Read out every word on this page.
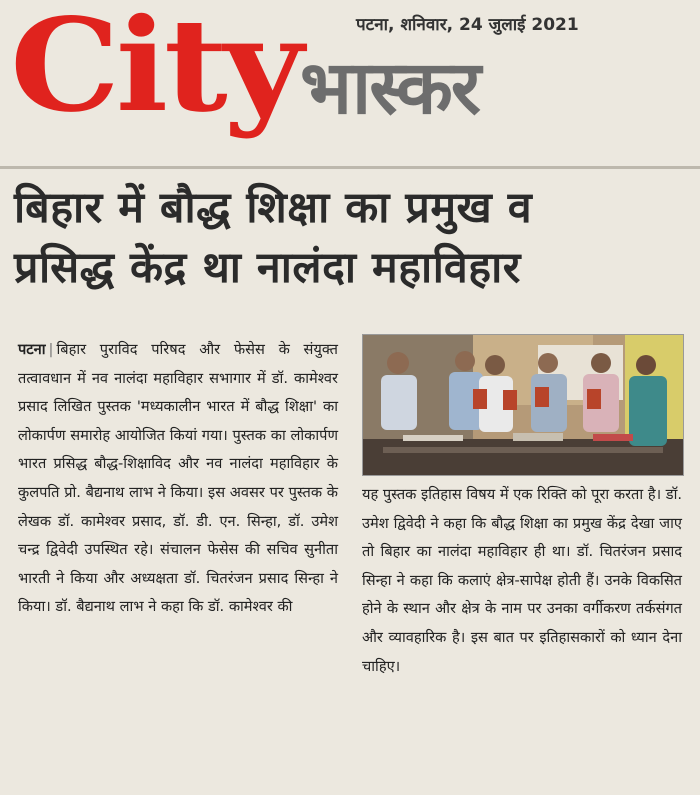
City	पटना, शनिवार, 24 जुलाई 2021
भास्कर
बिहार में बौद्ध शिक्षा का प्रमुख व
प्रसिद्ध केंद्र था नालंदा महाविहार
पटना | बिहार पुराविद परिषद और फेसेस के संयुक्त तत्वावधान में नव नालंदा महाविहार सभागार में डॉ. कामेश्वर प्रसाद लिखित पुस्तक 'मध्यकालीन भारत में बौद्ध शिक्षा' का लोकार्पण समारोह आयोजित कियां गया। पुस्तक का लोकार्पण भारत प्रसिद्ध बौद्ध-शिक्षाविद और नव नालंदा महाविहार के कुलपति प्रो. बैद्यनाथ लाभ ने किया। इस अवसर पर पुस्तक के लेखक डॉ. कामेश्वर प्रसाद, डॉ. डी. एन. सिन्हा, डॉ. उमेश चन्द्र द्विवेदी उपस्थित रहे। संचालन फेसेस की सचिव सुनीता भारती ने किया और अध्यक्षता डॉ. चितरंजन प्रसाद सिन्हा ने किया। डॉ. बैद्यनाथ लाभ ने कहा कि डॉ. कामेश्वर की
यह पुस्तक इतिहास विषय में एक रिक्ति को पूरा करता है। डॉ. उमेश द्विवेदी ने कहा कि बौद्ध शिक्षा का प्रमुख केंद्र देखा जाए तो बिहार का नालंदा महाविहार ही था। डॉ. चितरंजन प्रसाद सिन्हा ने कहा कि कलाएं क्षेत्र-सापेक्ष होती हैं। उनके विकसित होने के स्थान और क्षेत्र के नाम पर उनका वर्गीकरण तर्कसंगत और व्यावहारिक है। इस बात पर इतिहासकारों को ध्यान देना चाहिए।
